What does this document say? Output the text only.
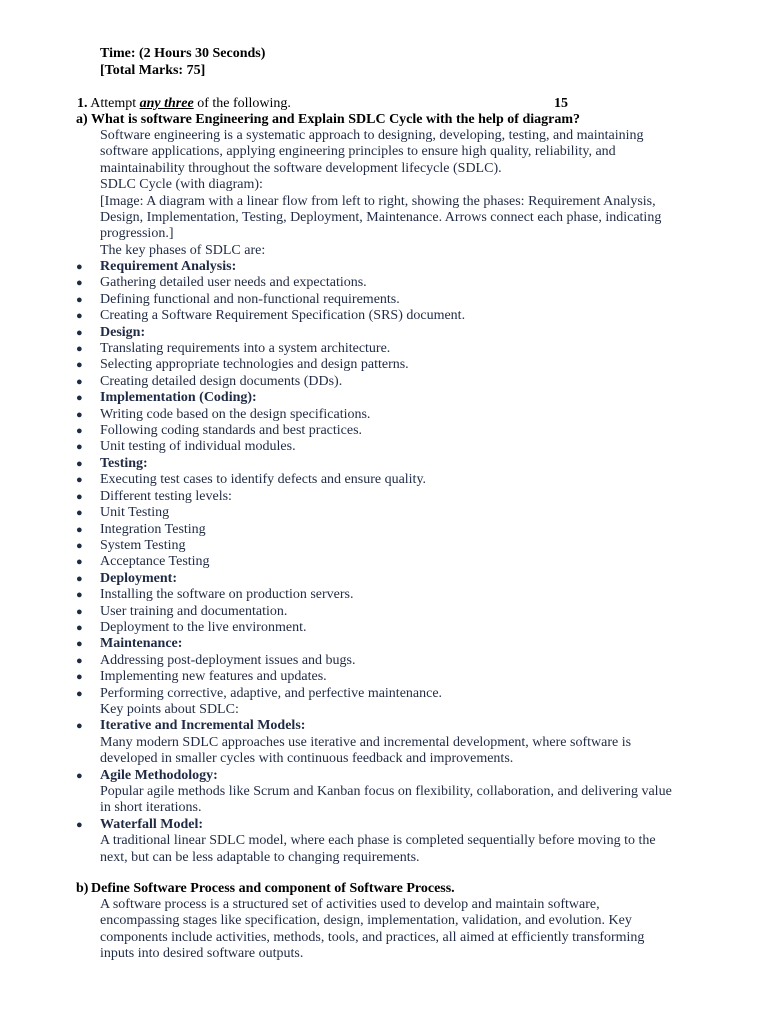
Time: (2 Hours 30 Seconds)
[Total Marks: 75]
1. Attempt any three of the following.	15
a) What is software Engineering and Explain SDLC Cycle with the help of diagram?
Software engineering is a systematic approach to designing, developing, testing, and maintaining software applications, applying engineering principles to ensure high quality, reliability, and maintainability throughout the software development lifecycle (SDLC).
SDLC Cycle (with diagram):
[Image: A diagram with a linear flow from left to right, showing the phases: Requirement Analysis, Design, Implementation, Testing, Deployment, Maintenance. Arrows connect each phase, indicating progression.]
The key phases of SDLC are:
● Requirement Analysis:
● Gathering detailed user needs and expectations.
● Defining functional and non-functional requirements.
● Creating a Software Requirement Specification (SRS) document.
● Design:
● Translating requirements into a system architecture.
● Selecting appropriate technologies and design patterns.
● Creating detailed design documents (DDs).
● Implementation (Coding):
● Writing code based on the design specifications.
● Following coding standards and best practices.
● Unit testing of individual modules.
● Testing:
● Executing test cases to identify defects and ensure quality.
● Different testing levels:
● Unit Testing
● Integration Testing
● System Testing
● Acceptance Testing
● Deployment:
● Installing the software on production servers.
● User training and documentation.
● Deployment to the live environment.
● Maintenance:
● Addressing post-deployment issues and bugs.
● Implementing new features and updates.
● Performing corrective, adaptive, and perfective maintenance.
Key points about SDLC:
● Iterative and Incremental Models:
Many modern SDLC approaches use iterative and incremental development, where software is developed in smaller cycles with continuous feedback and improvements.
● Agile Methodology:
Popular agile methods like Scrum and Kanban focus on flexibility, collaboration, and delivering value in short iterations.
● Waterfall Model:
A traditional linear SDLC model, where each phase is completed sequentially before moving to the next, but can be less adaptable to changing requirements.
b) Define Software Process and component of Software Process.
A software process is a structured set of activities used to develop and maintain software, encompassing stages like specification, design, implementation, validation, and evolution. Key components include activities, methods, tools, and practices, all aimed at efficiently transforming inputs into desired software outputs.
